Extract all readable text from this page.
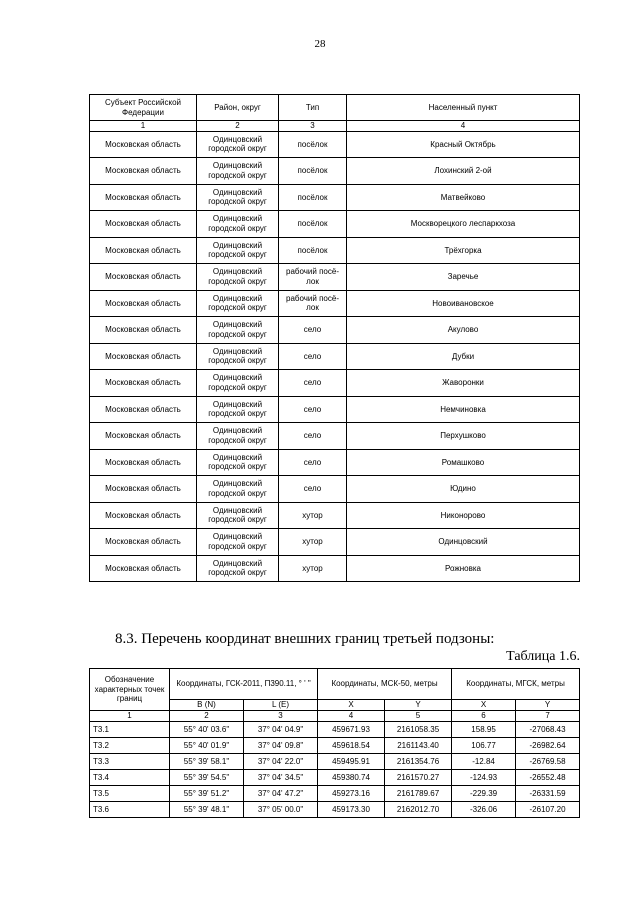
28
Субъект Российской Федерации	Район, округ	Тип	Населенный пункт
1	2	3	4
Московская область	Одинцовский городской округ	посёлок	Красный Октябрь
Московская область	Одинцовский городской округ	посёлок	Лохинский 2-ой
Московская область	Одинцовский городской округ	посёлок	Матвейково
Московская область	Одинцовский городской округ	посёлок	Москворецкого леспаркхоза
Московская область	Одинцовский городской округ	посёлок	Трёхгорка
Московская область	Одинцовский городской округ	рабочий посё-лок	Заречье
Московская область	Одинцовский городской округ	рабочий посё-лок	Новоивановское
Московская область	Одинцовский городской округ	село	Акулово
Московская область	Одинцовский городской округ	село	Дубки
Московская область	Одинцовский городской округ	село	Жаворонки
Московская область	Одинцовский городской округ	село	Немчиновка
Московская область	Одинцовский городской округ	село	Перхушково
Московская область	Одинцовский городской округ	село	Ромашково
Московская область	Одинцовский городской округ	село	Юдино
Московская область	Одинцовский городской округ	хутор	Никонорово
Московская область	Одинцовский городской округ	хутор	Одинцовский
Московская область	Одинцовский городской округ	хутор	Рожновка
8.3. Перечень координат внешних границ третьей подзоны:
Таблица 1.6.
Обозначение характерных точек границ	Координаты, ГСК-2011, П390.11, ° ' "		Координаты, МСК-50, метры		Координаты, МГСК, метры	
	B (N)	L (E)	X	Y	X	Y
1	2	3	4	5	6	7
Т3.1	55° 40' 03.6"	37° 04' 04.9"	459671.93	2161058.35	158.95	-27068.43
Т3.2	55° 40' 01.9"	37° 04' 09.8"	459618.54	2161143.40	106.77	-26982.64
Т3.3	55° 39' 58.1"	37° 04' 22.0"	459495.91	2161354.76	-12.84	-26769.58
Т3.4	55° 39' 54.5"	37° 04' 34.5"	459380.74	2161570.27	-124.93	-26552.48
Т3.5	55° 39' 51.2"	37° 04' 47.2"	459273.16	2161789.67	-229.39	-26331.59
Т3.6	55° 39' 48.1"	37° 05' 00.0"	459173.30	2162012.70	-326.06	-26107.20
